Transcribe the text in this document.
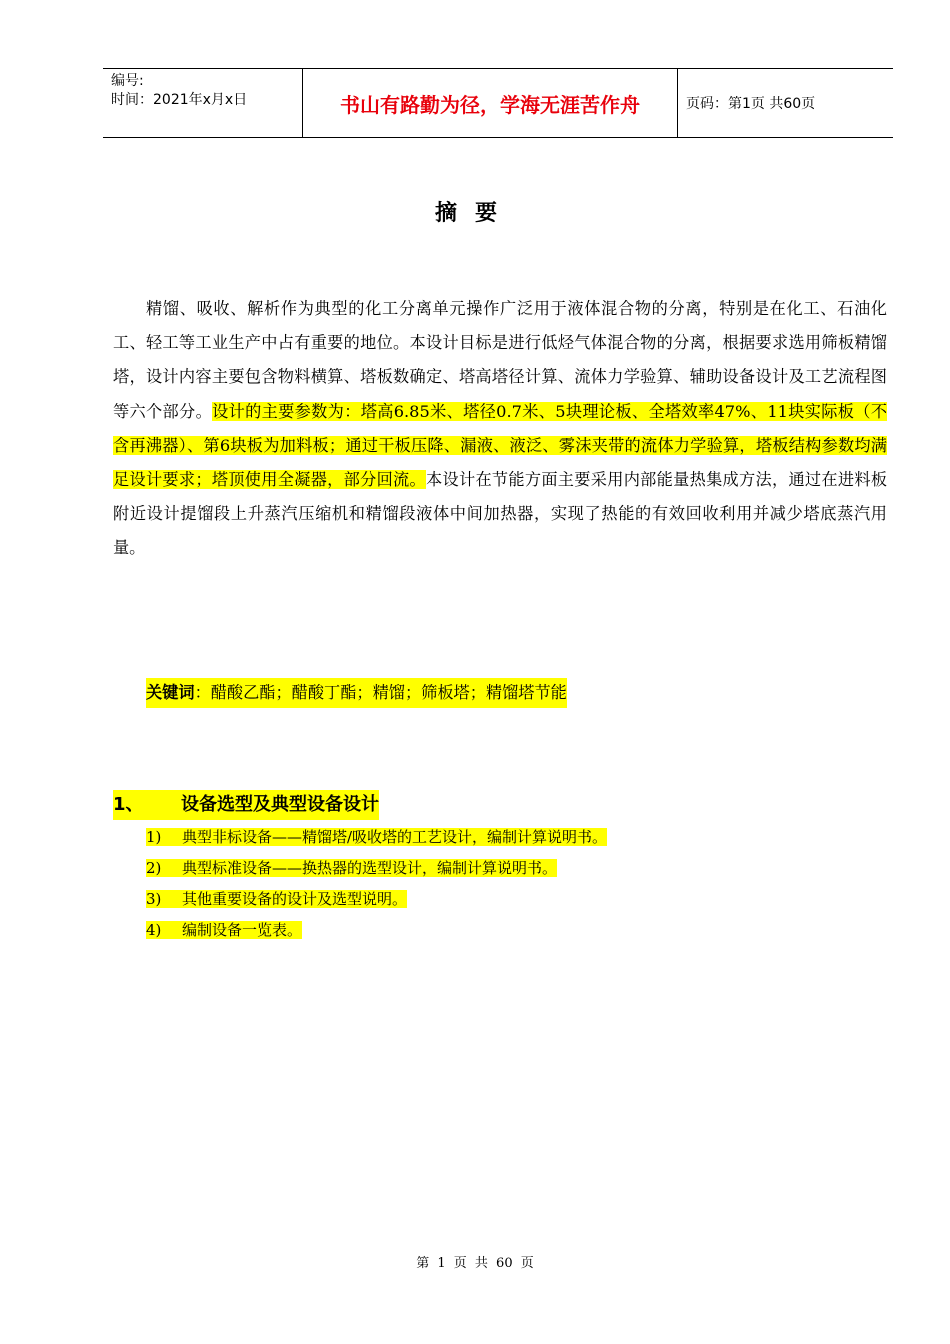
编号:
时间：2021年x月x日	书山有路勤为径，学海无涯苦作舟	页码：第1页 共60页
摘要
精馏、吸收、解析作为典型的化工分离单元操作广泛用于液体混合物的分离，特别是在化工、石油化工、轻工等工业生产中占有重要的地位。本设计目标是进行低烃气体混合物的分离，根据要求选用筛板精馏塔，设计内容主要包含物料横算、塔板数确定、塔高塔径计算、流体力学验算、辅助设备设计及工艺流程图等六个部分。设计的主要参数为：塔高6.85米、塔径0.7米、5块理论板、全塔效率47%、11块实际板（不含再沸器）、第6块板为加料板；通过干板压降、漏液、液泛、雾沫夹带的流体力学验算，塔板结构参数均满足设计要求；塔顶使用全凝器，部分回流。本设计在节能方面主要采用内部能量热集成方法，通过在进料板附近设计提馏段上升蒸汽压缩机和精馏段液体中间加热器，实现了热能的有效回收利用并减少塔底蒸汽用量。
关键词：醋酸乙酯；醋酸丁酯；精馏；筛板塔；精馏塔节能
1、 设备选型及典型设备设计
1) 典型非标设备——精馏塔/吸收塔的工艺设计，编制计算说明书。
2) 典型标准设备——换热器的选型设计，编制计算说明书。
3) 其他重要设备的设计及选型说明。
4) 编制设备一览表。
第 1 页 共 60 页
